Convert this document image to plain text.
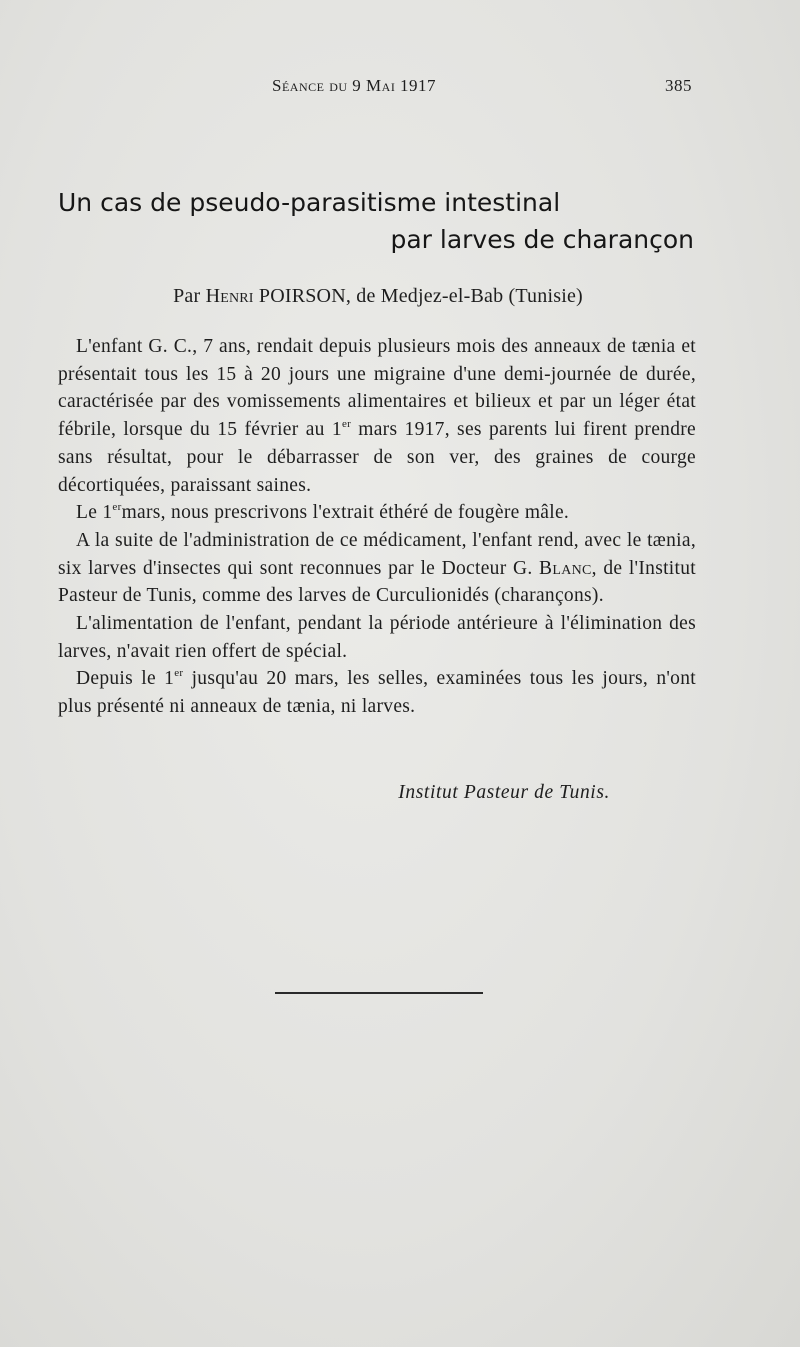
Séance du 9 Mai 1917	385
Un cas de pseudo-parasitisme intestinal
par larves de charançon
Par Henri POIRSON, de Medjez-el-Bab (Tunisie)

L'enfant G. C., 7 ans, rendait depuis plusieurs mois des anneaux de tænia et présentait tous les 15 à 20 jours une migraine d'une demi-journée de durée, caractérisée par des vomissements alimentaires et bilieux et par un léger état fébrile, lorsque du 15 février au 1er mars 1917, ses parents lui firent prendre sans résultat, pour le débarrasser de son ver, des graines de courge décortiquées, paraissant saines.

Le 1ermars, nous prescrivons l'extrait éthéré de fougère mâle.

A la suite de l'administration de ce médicament, l'enfant rend, avec le tænia, six larves d'insectes qui sont reconnues par le Docteur G. Blanc, de l'Institut Pasteur de Tunis, comme des larves de Curculionidés (charançons).

L'alimentation de l'enfant, pendant la période antérieure à l'élimination des larves, n'avait rien offert de spécial.

Depuis le 1er jusqu'au 20 mars, les selles, examinées tous les jours, n'ont plus présenté ni anneaux de tænia, ni larves.

Institut Pasteur de Tunis.
